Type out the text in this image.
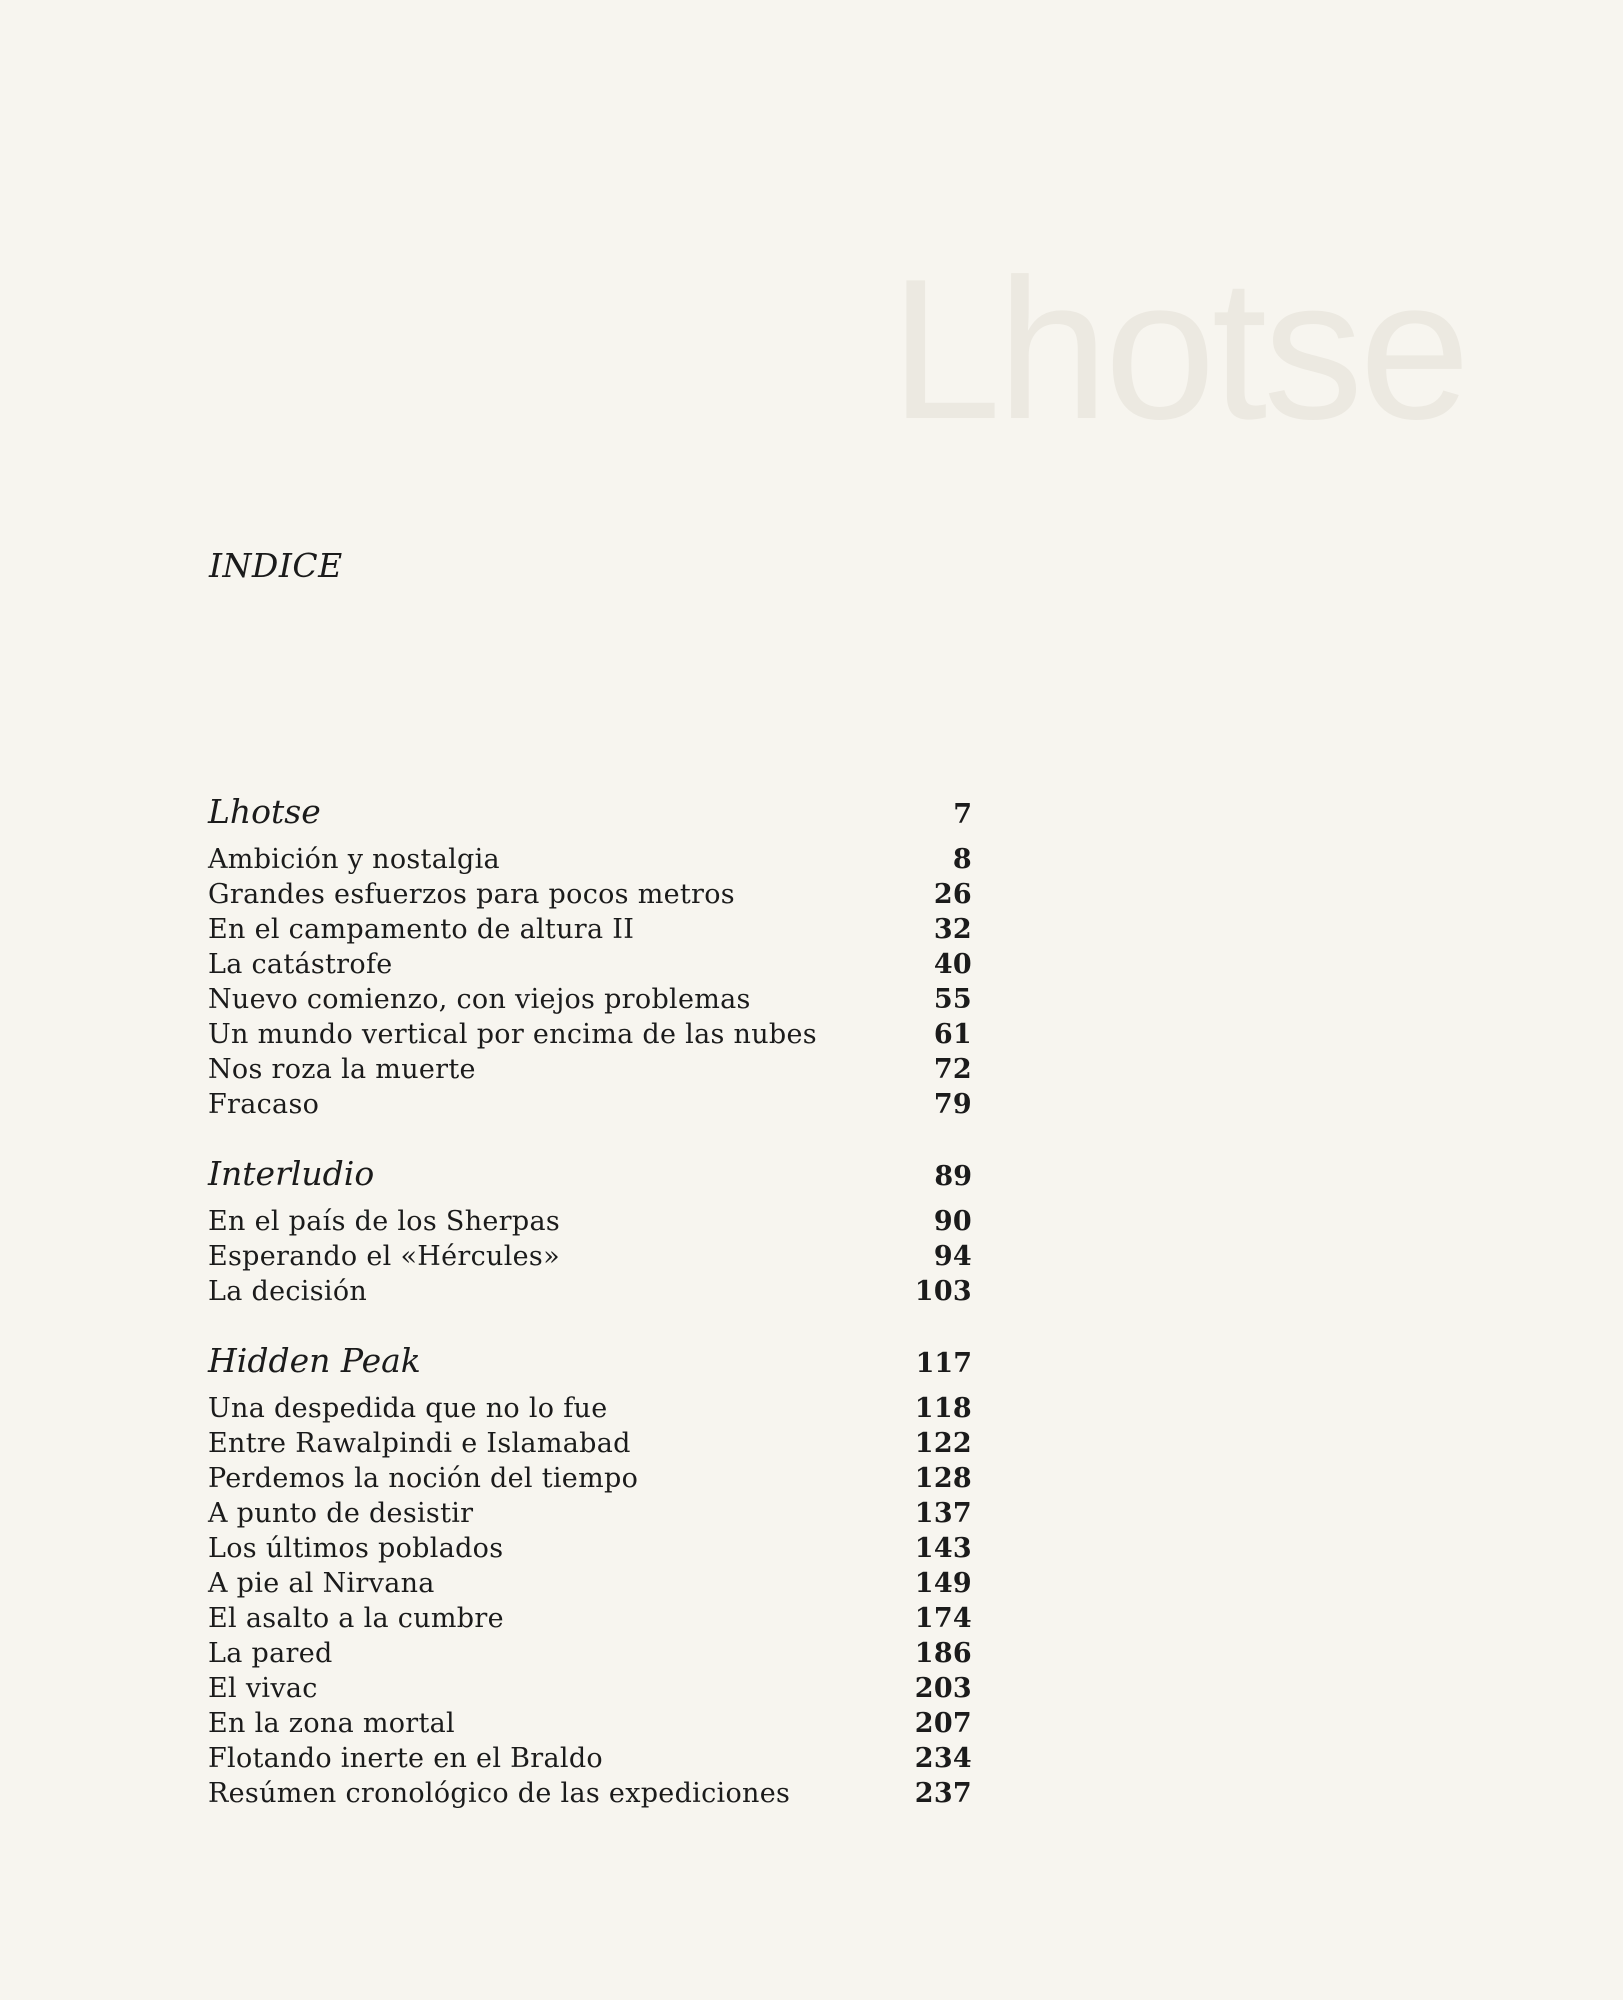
Lhotse
INDICE
Lhotse	7
Ambición y nostalgia	8
Grandes esfuerzos para pocos metros	26
En el campamento de altura II	32
La catástrofe	40
Nuevo comienzo, con viejos problemas	55
Un mundo vertical por encima de las nubes	61
Nos roza la muerte	72
Fracaso	79
Interludio	89
En el país de los Sherpas	90
Esperando el «Hércules»	94
La decisión	103
Hidden Peak	117
Una despedida que no lo fue	118
Entre Rawalpindi e Islamabad	122
Perdemos la noción del tiempo	128
A punto de desistir	137
Los últimos poblados	143
A pie al Nirvana	149
El asalto a la cumbre	174
La pared	186
El vivac	203
En la zona mortal	207
Flotando inerte en el Braldo	234
Resúmen cronológico de las expediciones	237
